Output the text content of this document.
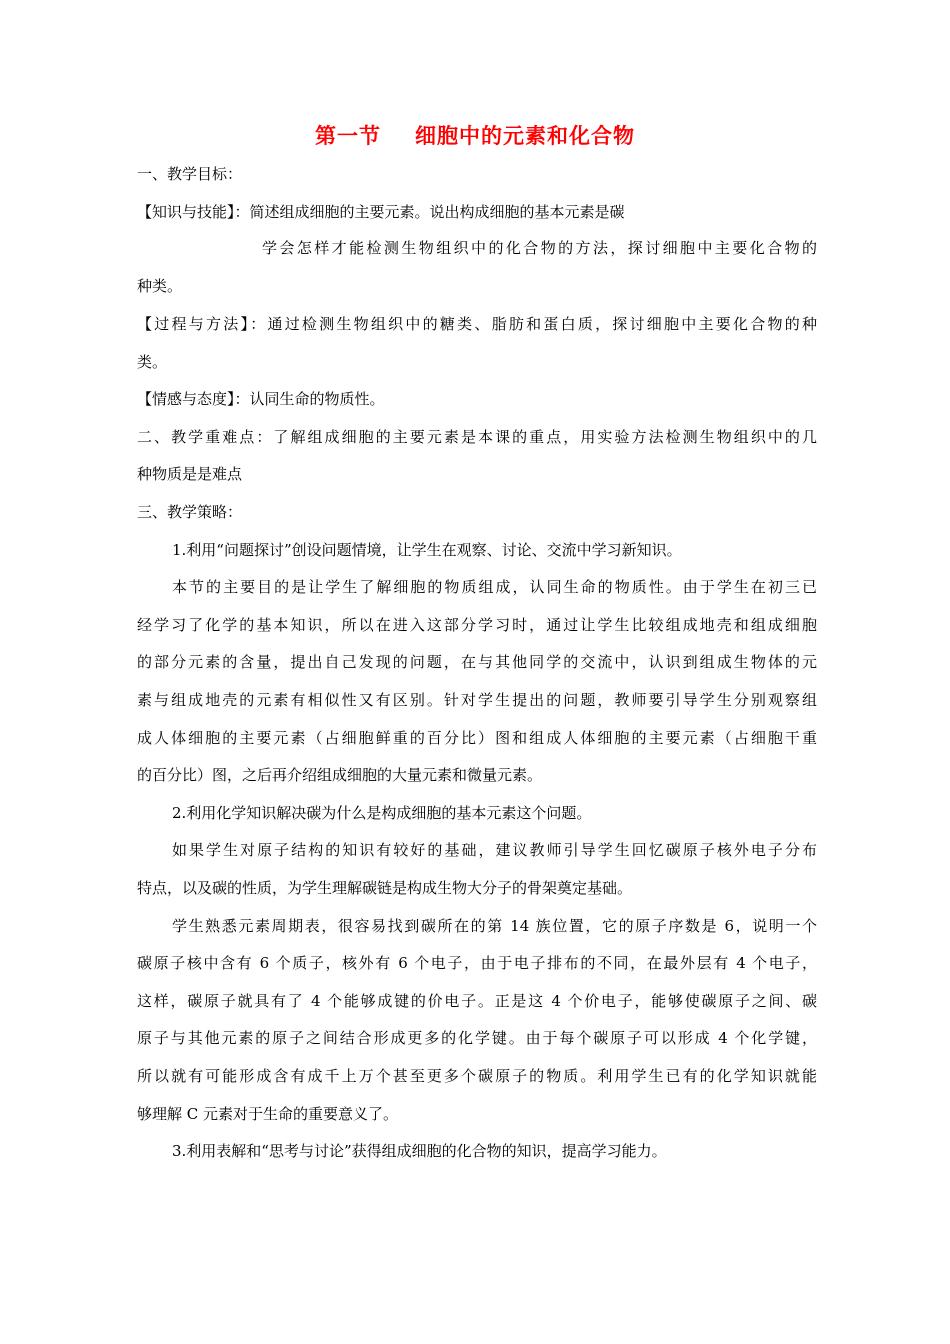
第一节 细胞中的元素和化合物
一、教学目标：
【知识与技能】：简述组成细胞的主要元素。说出构成细胞的基本元素是碳
学会怎样才能检测生物组织中的化合物的方法，探讨细胞中主要化合物的
种类。
【过程与方法】：通过检测生物组织中的糖类、脂肪和蛋白质，探讨细胞中主要化合物的种
类。
【情感与态度】：认同生命的物质性。
二、教学重难点：了解组成细胞的主要元素是本课的重点，用实验方法检测生物组织中的几
种物质是是难点
三、教学策略：
1.利用“问题探讨”创设问题情境，让学生在观察、讨论、交流中学习新知识。
本节的主要目的是让学生了解细胞的物质组成，认同生命的物质性。由于学生在初三已
经学习了化学的基本知识，所以在进入这部分学习时，通过让学生比较组成地壳和组成细胞
的部分元素的含量，提出自己发现的问题，在与其他同学的交流中，认识到组成生物体的元
素与组成地壳的元素有相似性又有区别。针对学生提出的问题，教师要引导学生分别观察组
成人体细胞的主要元素（占细胞鲜重的百分比）图和组成人体细胞的主要元素（占细胞干重
的百分比）图，之后再介绍组成细胞的大量元素和微量元素。
2.利用化学知识解决碳为什么是构成细胞的基本元素这个问题。
如果学生对原子结构的知识有较好的基础，建议教师引导学生回忆碳原子核外电子分布
特点，以及碳的性质，为学生理解碳链是构成生物大分子的骨架奠定基础。
学生熟悉元素周期表，很容易找到碳所在的第 14 族位置，它的原子序数是 6，说明一个
碳原子核中含有 6 个质子，核外有 6 个电子，由于电子排布的不同，在最外层有 4 个电子，
这样，碳原子就具有了 4 个能够成键的价电子。正是这 4 个价电子，能够使碳原子之间、碳
原子与其他元素的原子之间结合形成更多的化学键。由于每个碳原子可以形成 4 个化学键，
所以就有可能形成含有成千上万个甚至更多个碳原子的物质。利用学生已有的化学知识就能
够理解 C 元素对于生命的重要意义了。
3.利用表解和“思考与讨论”获得组成细胞的化合物的知识，提高学习能力。
